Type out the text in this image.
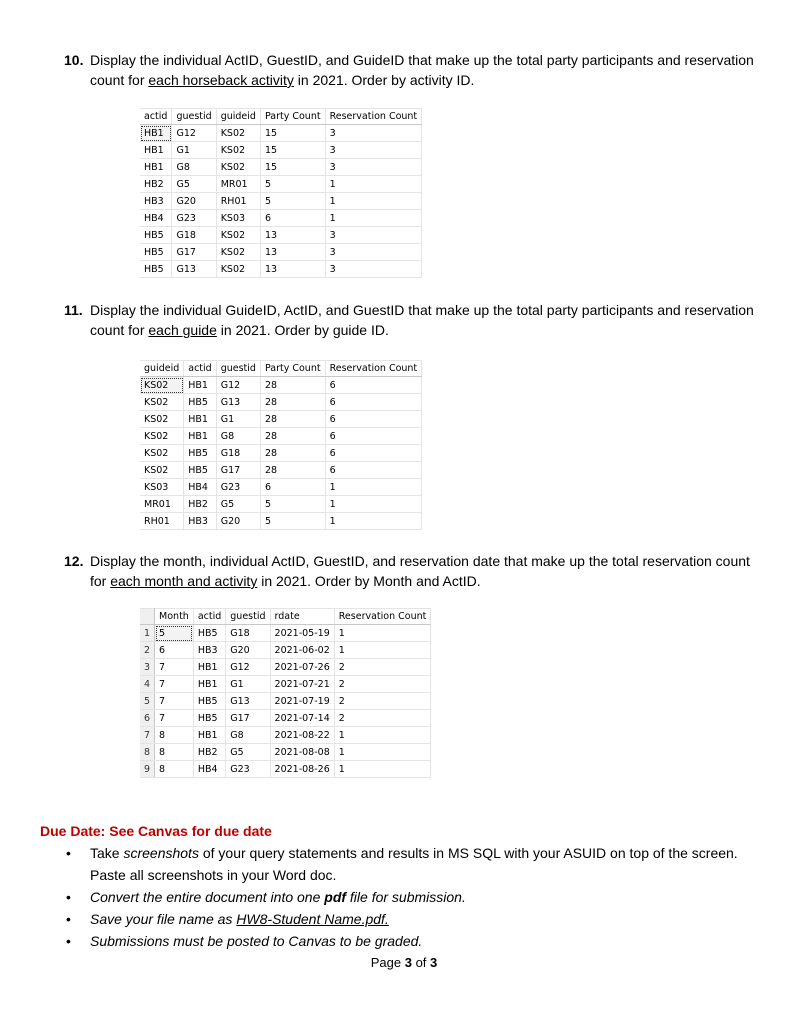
10. Display the individual ActID, GuestID, and GuideID that make up the total party participants and reservation count for each horseback activity in 2021. Order by activity ID.
actid	guestid	guideid	Party Count	Reservation Count
HB1	G12	KS02	15	3
HB1	G1	KS02	15	3
HB1	G8	KS02	15	3
HB2	G5	MR01	5	1
HB3	G20	RH01	5	1
HB4	G23	KS03	6	1
HB5	G18	KS02	13	3
HB5	G17	KS02	13	3
HB5	G13	KS02	13	3
11. Display the individual GuideID, ActID, and GuestID that make up the total party participants and reservation count for each guide in 2021. Order by guide ID.
guideid	actid	guestid	Party Count	Reservation Count
KS02	HB1	G12	28	6
KS02	HB5	G13	28	6
KS02	HB1	G1	28	6
KS02	HB1	G8	28	6
KS02	HB5	G18	28	6
KS02	HB5	G17	28	6
KS03	HB4	G23	6	1
MR01	HB2	G5	5	1
RH01	HB3	G20	5	1
12. Display the month, individual ActID, GuestID, and reservation date that make up the total reservation count for each month and activity in 2021. Order by Month and ActID.
	Month	actid	guestid	rdate	Reservation Count
1	5	HB5	G18	2021-05-19	1
2	6	HB3	G20	2021-06-02	1
3	7	HB1	G12	2021-07-26	2
4	7	HB1	G1	2021-07-21	2
5	7	HB5	G13	2021-07-19	2
6	7	HB5	G17	2021-07-14	2
7	8	HB1	G8	2021-08-22	1
8	8	HB2	G5	2021-08-08	1
9	8	HB4	G23	2021-08-26	1
Due Date: See Canvas for due date
• Take screenshots of your query statements and results in MS SQL with your ASUID on top of the screen. Paste all screenshots in your Word doc.
• Convert the entire document into one pdf file for submission.
• Save your file name as HW8-Student Name.pdf.
• Submissions must be posted to Canvas to be graded.
Page 3 of 3
